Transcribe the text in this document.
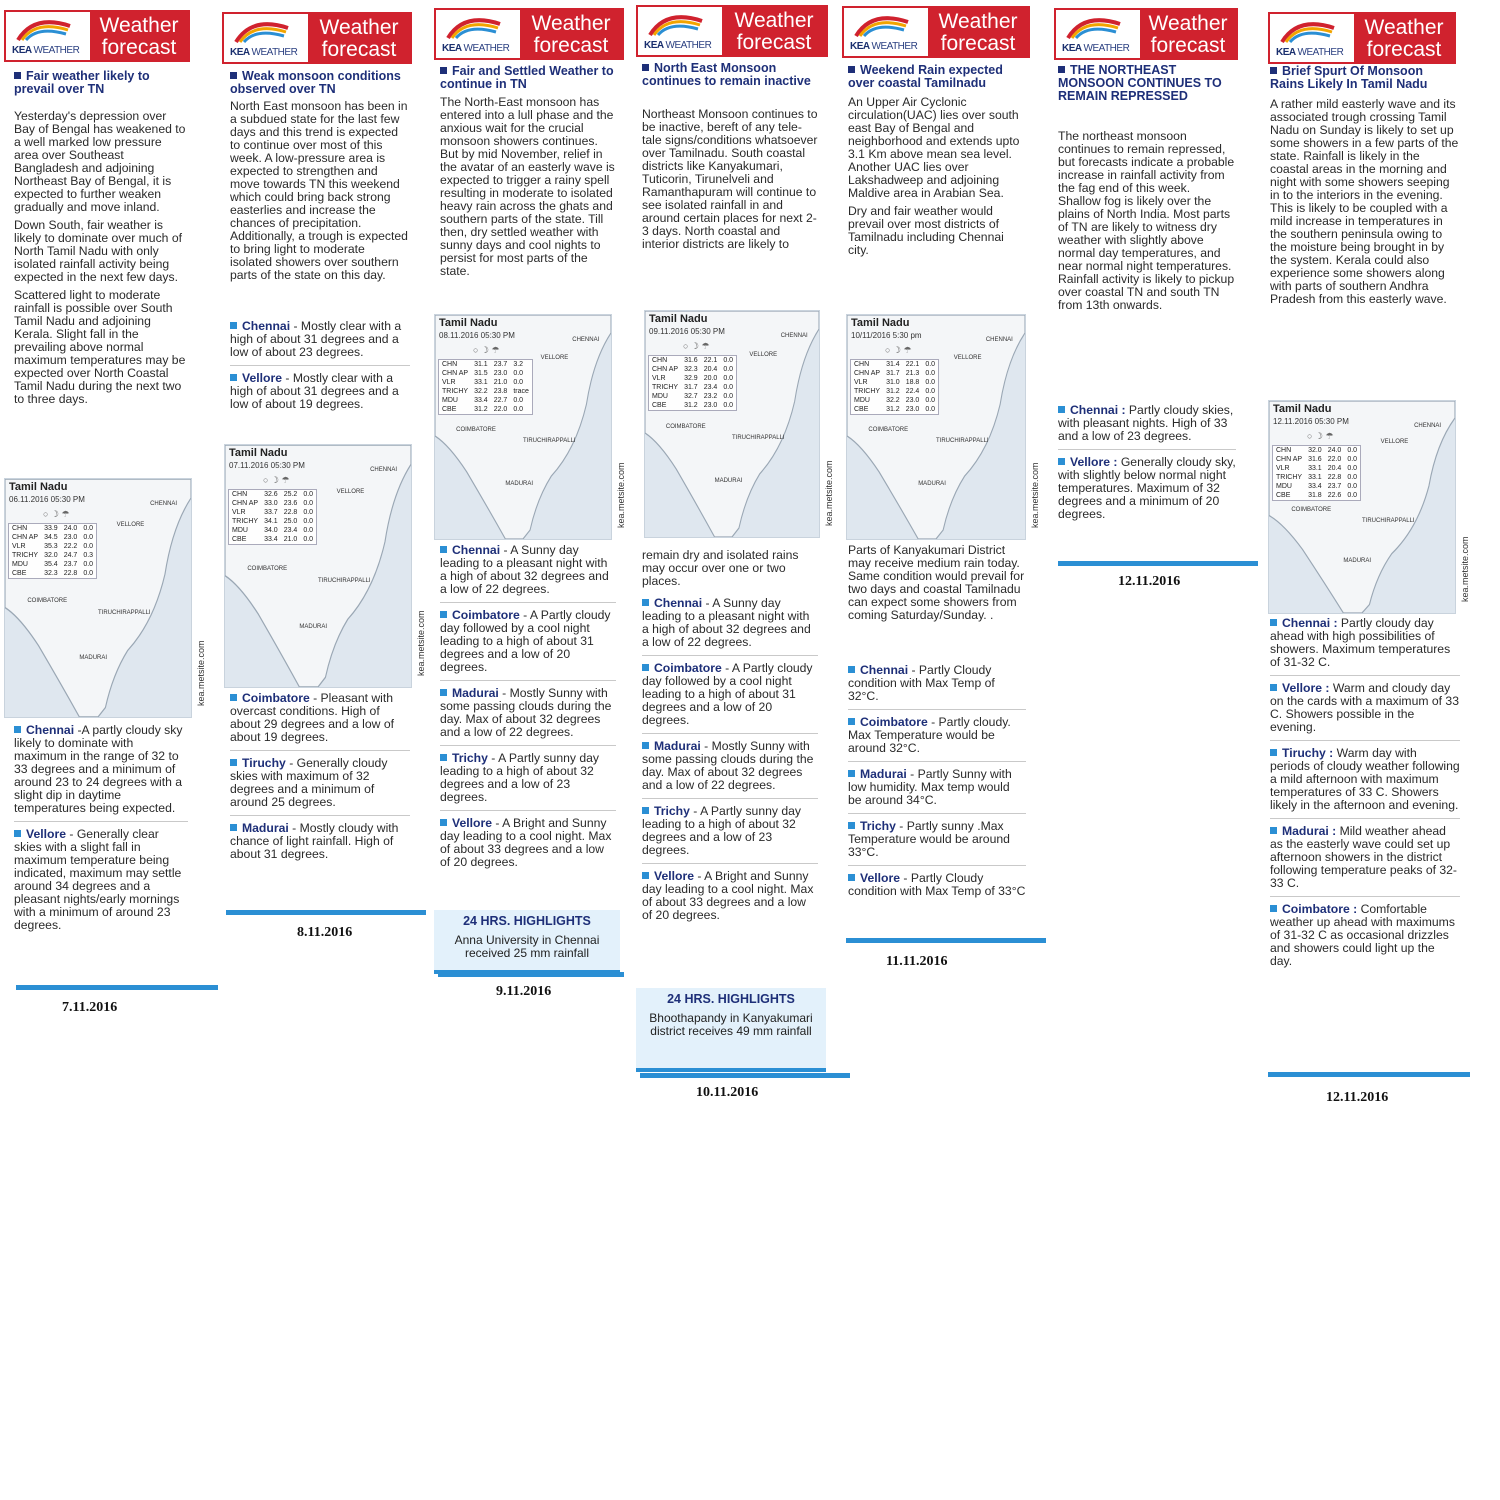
KEA WEATHER
Weather
forecast
Fair weather likely to prevail over TN

Yesterday's depression over Bay of Bengal has weakened to a well marked low pressure area over Southeast Bangladesh and adjoining Northeast Bay of Bengal, it is expected to further weaken gradually and move inland.

Down South, fair weather is likely to dominate over much of North Tamil Nadu with only isolated rainfall activity being expected in the next few days.

Scattered light to moderate rainfall is possible over South Tamil Nadu and adjoining Kerala. Slight fall in the prevailing above normal maximum temperatures may be expected over North Coastal Tamil Nadu during the next two to three days.

Tamil Nadu
06.11.2016 05:30 PM
○ ☽ ☂
CHN	33.9	24.0	0.0
CHN AP	34.5	23.0	0.0
VLR	35.3	22.2	0.0
TRICHY	32.0	24.7	0.3
MDU	35.4	23.7	0.0
CBE	32.3	22.8	0.0
CHENNAI
VELLORE
COIMBATORE
TIRUCHIRAPPALLI
MADURAI	kea.metsite.com
Chennai -A partly cloudy sky likely to dominate with maximum in the range of 32 to 33 degrees and a minimum of around 23 to 24 degrees with a slight dip in daytime temperatures being expected.
Vellore - Generally clear skies with a slight fall in maximum temperature being indicated, maximum may settle around 34 degrees and a pleasant nights/early mornings with a minimum of around 23 degrees.
7.11.2016
KEA WEATHER
Weather
forecast
Weak monsoon conditions observed over TN

North East monsoon has been in a subdued state for the last few days and this trend is expected to continue over most of this week. A low-pressure area is expected to strengthen and move towards TN this weekend which could bring back strong easterlies and increase the chances of precipitation. Additionally, a trough is expected to bring light to moderate isolated showers over southern parts of the state on this day.

Chennai - Mostly clear with a high of about 31 degrees and a low of about 23 degrees.
Vellore - Mostly clear with a high of about 31 degrees and a low of about 19 degrees.
Tamil Nadu
07.11.2016 05:30 PM
○ ☽ ☂
CHN	32.6	25.2	0.0
CHN AP	33.0	23.6	0.0
VLR	33.7	22.8	0.0
TRICHY	34.1	25.0	0.0
MDU	34.0	23.4	0.0
CBE	33.4	21.0	0.0
CHENNAI
VELLORE
COIMBATORE
TIRUCHIRAPPALLI
MADURAI	kea.metsite.com
Coimbatore - Pleasant with overcast conditions. High of about 29 degrees and a low of about 19 degrees.
Tiruchy - Generally cloudy skies with maximum of 32 degrees and a minimum of around 25 degrees.
Madurai - Mostly cloudy with chance of light rainfall. High of about 31 degrees.
8.11.2016
KEA WEATHER
Weather
forecast
Fair and Settled Weather to continue in TN

The North-East monsoon has entered into a lull phase and the anxious wait for the crucial monsoon showers continues. But by mid November, relief in the avatar of an easterly wave is expected to trigger a rainy spell resulting in moderate to isolated heavy rain across the ghats and southern parts of the state. Till then, dry settled weather with sunny days and cool nights to persist for most parts of the state.

Tamil Nadu
08.11.2016 05:30 PM
○ ☽ ☂
CHN	31.1	23.7	3.2
CHN AP	31.5	23.0	0.0
VLR	33.1	21.0	0.0
TRICHY	32.2	23.8	trace
MDU	33.4	22.7	0.0
CBE	31.2	22.0	0.0
CHENNAI
VELLORE
COIMBATORE
TIRUCHIRAPPALLI
MADURAI	kea.metsite.com
Chennai - A Sunny day leading to a pleasant night with a high of about 32 degrees and a low of 22 degrees.
Coimbatore - A Partly cloudy day followed by a cool night leading to a high of about 31 degrees and a low of 20 degrees.
Madurai - Mostly Sunny with some passing clouds during the day. Max of about 32 degrees and a low of 22 degrees.
Trichy - A Partly sunny day leading to a high of about 32 degrees and a low of 23 degrees.
Vellore - A Bright and Sunny day leading to a cool night. Max of about 33 degrees and a low of 20 degrees.
24 HRS. HIGHLIGHTS
Anna University in Chennai received 25 mm rainfall
9.11.2016
KEA WEATHER
Weather
forecast
North East Monsoon continues to remain inactive

Northeast Monsoon continues to be inactive, bereft of any tele-tale signs/conditions whatsoever over Tamilnadu. South coastal districts like Kanyakumari, Tuticorin, Tirunelveli and Ramanthapuram will continue to see isolated rainfall in and around certain places for next 2-3 days. North coastal and interior districts are likely to

Tamil Nadu
09.11.2016 05:30 PM
○ ☽ ☂
CHN	31.6	22.1	0.0
CHN AP	32.3	20.4	0.0
VLR	32.9	20.0	0.0
TRICHY	31.7	23.4	0.0
MDU	32.7	23.2	0.0
CBE	31.2	23.0	0.0
CHENNAI
VELLORE
COIMBATORE
TIRUCHIRAPPALLI
MADURAI	kea.metsite.com

remain dry and isolated rains may occur over one or two places.

Chennai - A Sunny day leading to a pleasant night with a high of about 32 degrees and a low of 22 degrees.
Coimbatore - A Partly cloudy day followed by a cool night leading to a high of about 31 degrees and a low of 20 degrees.
Madurai - Mostly Sunny with some passing clouds during the day. Max of about 32 degrees and a low of 22 degrees.
Trichy - A Partly sunny day leading to a high of about 32 degrees and a low of 23 degrees.
Vellore - A Bright and Sunny day leading to a cool night. Max of about 33 degrees and a low of 20 degrees.
24 HRS. HIGHLIGHTS
Bhoothapandy in Kanyakumari district receives 49 mm rainfall
10.11.2016
KEA WEATHER
Weather
forecast
Weekend Rain expected over coastal Tamilnadu

An Upper Air Cyclonic circulation(UAC) lies over south east Bay of Bengal and neighborhood and extends upto 3.1 Km above mean sea level. Another UAC lies over Lakshadweep and adjoining Maldive area in Arabian Sea.

Dry and fair weather would prevail over most districts of Tamilnadu including Chennai city.

Tamil Nadu
10/11/2016 5:30 pm
○ ☽ ☂
CHN	31.4	22.1	0.0
CHN AP	31.7	21.3	0.0
VLR	31.0	18.8	0.0
TRICHY	31.2	22.4	0.0
MDU	32.2	23.0	0.0
CBE	31.2	23.0	0.0
CHENNAI
VELLORE
COIMBATORE
TIRUCHIRAPPALLI
MADURAI	kea.metsite.com

Parts of Kanyakumari District may receive medium rain today. Same condition would prevail for two days and coastal Tamilnadu can expect some showers from coming Saturday/Sunday. .

Chennai - Partly Cloudy condition with Max Temp of 32°C.
Coimbatore - Partly cloudy. Max Temperature would be around 32°C.
Madurai - Partly Sunny with low humidity. Max temp would be around 34°C.
Trichy - Partly sunny .Max Temperature would be around 33°C.
Vellore - Partly Cloudy condition with Max Temp of 33°C
11.11.2016
KEA WEATHER
Weather
forecast
THE NORTHEAST MONSOON CONTINUES TO REMAIN REPRESSED

The northeast monsoon continues to remain repressed, but forecasts indicate a probable increase in rainfall activity from the fag end of this week. Shallow fog is likely over the plains of North India. Most parts of TN are likely to witness dry weather with slightly above normal day temperatures, and near normal night temperatures. Rainfall activity is likely to pickup over coastal TN and south TN from 13th onwards.

Chennai : Partly cloudy skies, with pleasant nights. High of 33 and a low of 23 degrees.
Vellore : Generally cloudy sky, with slightly below normal night temperatures. Maximum of 32 degrees and a minimum of 20 degrees.
12.11.2016
KEA WEATHER
Weather
forecast
Brief Spurt Of Monsoon Rains Likely In Tamil Nadu

A rather mild easterly wave and its associated trough crossing Tamil Nadu on Sunday is likely to set up some showers in a few parts of the state. Rainfall is likely in the coastal areas in the morning and night with some showers seeping in to the interiors in the evening. This is likely to be coupled with a mild increase in temperatures in the southern peninsula owing to the moisture being brought in by the system. Kerala could also experience some showers along with parts of southern Andhra Pradesh from this easterly wave.

Tamil Nadu
12.11.2016 05:30 PM
○ ☽ ☂
CHN	32.0	24.0	0.0
CHN AP	31.6	22.0	0.0
VLR	33.1	20.4	0.0
TRICHY	33.1	22.8	0.0
MDU	33.4	23.7	0.0
CBE	31.8	22.6	0.0
CHENNAI
VELLORE
COIMBATORE
TIRUCHIRAPPALLI
MADURAI	kea.metsite.com
Chennai : Partly cloudy day ahead with high possibilities of showers. Maximum temperatures of 31-32 C.
Vellore : Warm and cloudy day on the cards with a maximum of 33 C. Showers possible in the evening.
Tiruchy : Warm day with periods of cloudy weather following a mild afternoon with maximum temperatures of 33 C. Showers likely in the afternoon and evening.
Madurai : Mild weather ahead as the easterly wave could set up afternoon showers in the district following temperature peaks of 32-33 C.
Coimbatore : Comfortable weather up ahead with maximums of 31-32 C as occasional drizzles and showers could light up the day.
12.11.2016
